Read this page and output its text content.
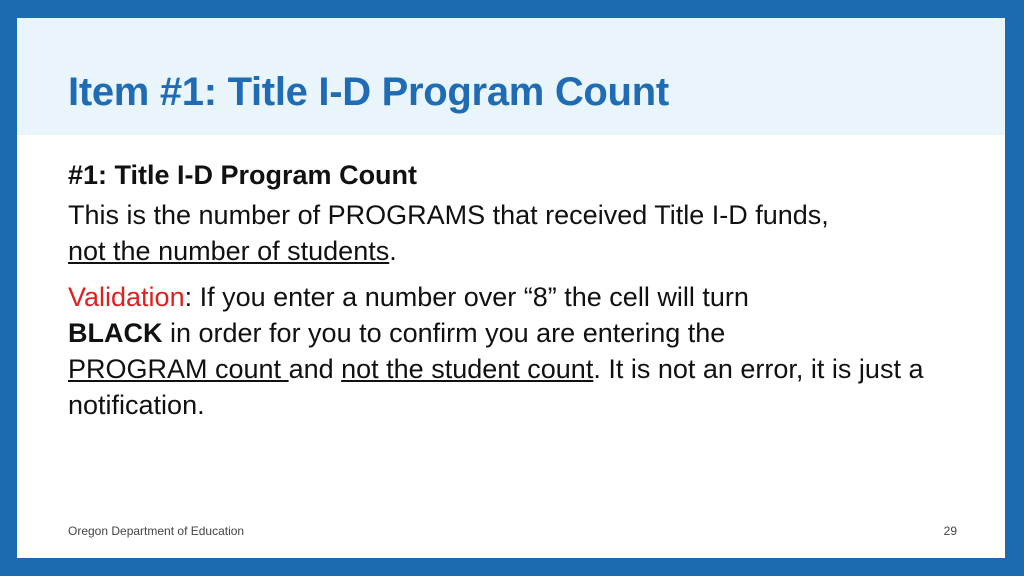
Item #1: Title I-D Program Count

#1: Title I-D Program Count

This is the number of PROGRAMS that received Title I-D funds,
not the number of students.

Validation: If you enter a number over “8” the cell will turn
BLACK in order for you to confirm you are entering the
PROGRAM count and not the student count. It is not an error, it is just a notification.

Oregon Department of Education	29
